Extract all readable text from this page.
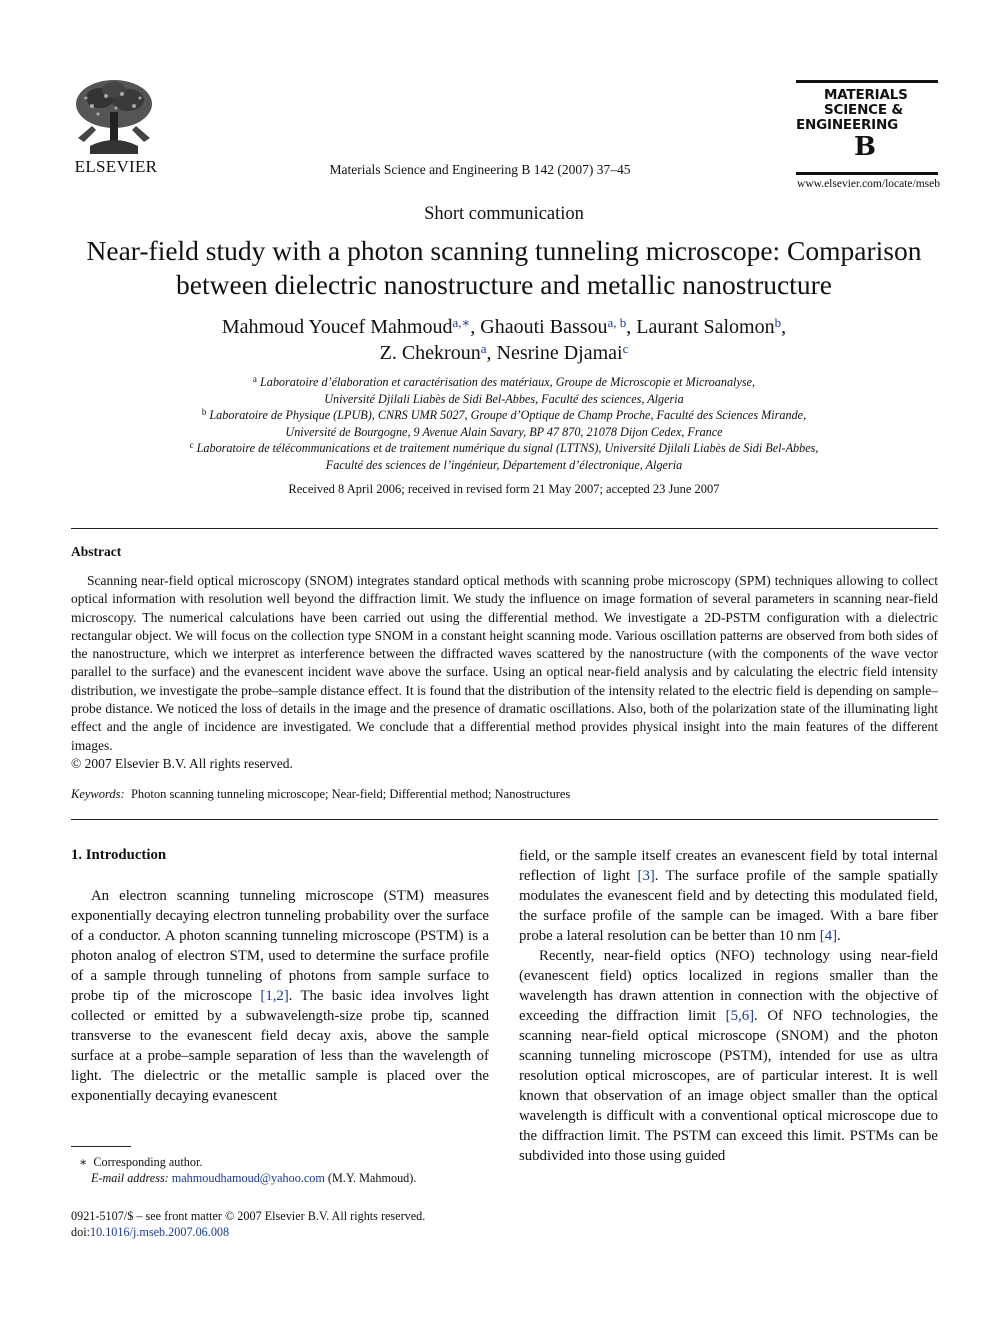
ELSEVIER	Materials Science and Engineering B 142 (2007) 37–45
MATERIALS
SCIENCE &
ENGINEERING
B
www.elsevier.com/locate/mseb
Short communication
Near-field study with a photon scanning tunneling microscope: Comparison
between dielectric nanostructure and metallic nanostructure
Mahmoud Youcef Mahmoud$^{a,∗}$, Ghaouti Bassou$^{a, b}$, Laurant Salomon$^b$,
Z. Chekroun$^a$, Nesrine Djamai$^c$
$^a$ Laboratoire d’élaboration et caractérisation des matériaux, Groupe de Microscopie et Microanalyse,
Université Djilali Liabès de Sidi Bel-Abbes, Faculté des sciences, Algeria
$^b$ Laboratoire de Physique (LPUB), CNRS UMR 5027, Groupe d’Optique de Champ Proche, Faculté des Sciences Mirande,
Université de Bourgogne, 9 Avenue Alain Savary, BP 47 870, 21078 Dijon Cedex, France
$^c$ Laboratoire de télécommunications et de traitement numérique du signal (LTTNS), Université Djilali Liabès de Sidi Bel-Abbes,
Faculté des sciences de l’ingénieur, Département d’électronique, Algeria
Received 8 April 2006; received in revised form 21 May 2007; accepted 23 June 2007
Abstract
Scanning near-field optical microscopy (SNOM) integrates standard optical methods with scanning probe microscopy (SPM) techniques allowing to collect optical information with resolution well beyond the diffraction limit. We study the influence on image formation of several parameters in scanning near-field microscopy. The numerical calculations have been carried out using the differential method. We investigate a 2D-PSTM configuration with a dielectric rectangular object. We will focus on the collection type SNOM in a constant height scanning mode. Various oscillation patterns are observed from both sides of the nanostructure, which we interpret as interference between the diffracted waves scattered by the nanostructure (with the components of the wave vector parallel to the surface) and the evanescent incident wave above the surface. Using an optical near-field analysis and by calculating the electric field intensity distribution, we investigate the probe–sample distance effect. It is found that the distribution of the intensity related to the electric field is depending on sample–probe distance. We noticed the loss of details in the image and the presence of dramatic oscillations. Also, both of the polarization state of the illuminating light effect and the angle of incidence are investigated. We conclude that a differential method provides physical insight into the main features of the different images.
© 2007 Elsevier B.V. All rights reserved.
Keywords: Photon scanning tunneling microscope; Near-field; Differential method; Nanostructures
1. Introduction

An electron scanning tunneling microscope (STM) measures exponentially decaying electron tunneling probability over the surface of a conductor. A photon scanning tunneling microscope (PSTM) is a photon analog of electron STM, used to determine the surface profile of a sample through tunneling of photons from sample surface to probe tip of the microscope [1,2]. The basic idea involves light collected or emitted by a subwavelength-size probe tip, scanned transverse to the evanescent field decay axis, above the sample surface at a probe–sample separation of less than the wavelength of light. The dielectric or the metallic sample is placed over the exponentially decaying evanescent

field, or the sample itself creates an evanescent field by total internal reflection of light [3]. The surface profile of the sample spatially modulates the evanescent field and by detecting this modulated field, the surface profile of the sample can be imaged. With a bare fiber probe a lateral resolution can be better than 10 nm [4].

Recently, near-field optics (NFO) technology using near-field (evanescent field) optics localized in regions smaller than the wavelength has drawn attention in connection with the objective of exceeding the diffraction limit [5,6]. Of NFO technologies, the scanning near-field optical microscope (SNOM) and the photon scanning tunneling microscope (PSTM), intended for use as ultra resolution optical microscopes, are of particular interest. It is well known that observation of an image object smaller than the optical wavelength is difficult with a conventional optical microscope due to the diffraction limit. The PSTM can exceed this limit. PSTMs can be subdivided into those using guided

∗ Corresponding author.
E-mail address: mahmoudhamoud@yahoo.com (M.Y. Mahmoud).
0921-5107/$ – see front matter © 2007 Elsevier B.V. All rights reserved.
doi:10.1016/j.mseb.2007.06.008
